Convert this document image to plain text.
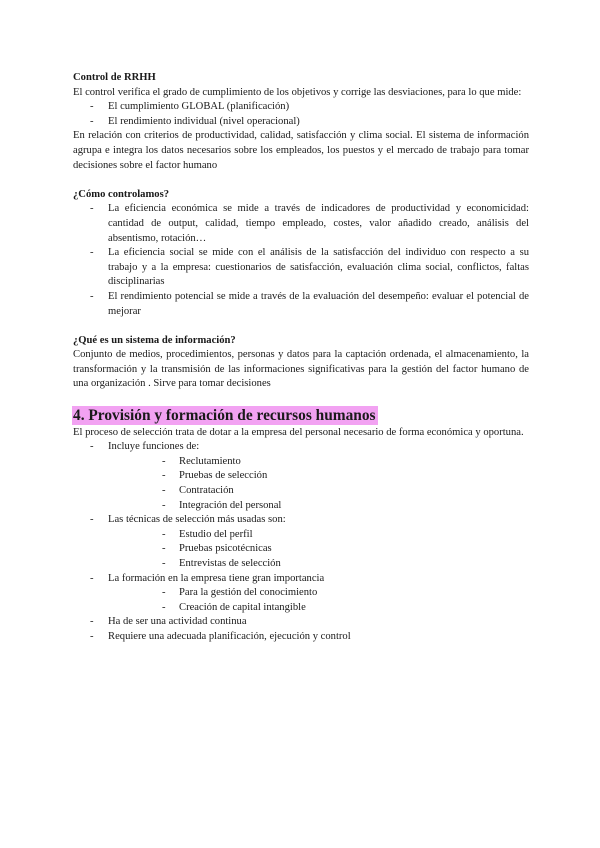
Control de RRHH
El control verifica el grado de cumplimiento de los objetivos y corrige las desviaciones, para lo que mide:
- El cumplimiento GLOBAL (planificación)
- El rendimiento individual (nivel operacional)
En relación con criterios de productividad, calidad, satisfacción y clima social. El sistema de información agrupa e integra los datos necesarios sobre los empleados, los puestos y el mercado de trabajo para tomar decisiones sobre el factor humano
¿Cómo controlamos?
- La eficiencia económica se mide a través de indicadores de productividad y economicidad: cantidad de output, calidad, tiempo empleado, costes, valor añadido creado, análisis del absentismo, rotación…
- La eficiencia social se mide con el análisis de la satisfacción del individuo con respecto a su trabajo y a la empresa: cuestionarios de satisfacción, evaluación clima social, conflictos, faltas disciplinarias
- El rendimiento potencial se mide a través de la evaluación del desempeño: evaluar el potencial de mejorar
¿Qué es un sistema de información?
Conjunto de medios, procedimientos, personas y datos para la captación ordenada, el almacenamiento, la transformación y la transmisión de las informaciones significativas para la gestión del factor humano de una organización . Sirve para tomar decisiones
4. Provisión y formación de recursos humanos
El proceso de selección trata de dotar a la empresa del personal necesario de forma económica y oportuna.
- Incluye funciones de:
- Reclutamiento
- Pruebas de selección
- Contratación
- Integración del personal
- Las técnicas de selección más usadas son:
- Estudio del perfil
- Pruebas psicotécnicas
- Entrevistas de selección
- La formación en la empresa tiene gran importancia
- Para la gestión del conocimiento
- Creación de capital intangible
- Ha de ser una actividad continua
- Requiere una adecuada planificación, ejecución y control
